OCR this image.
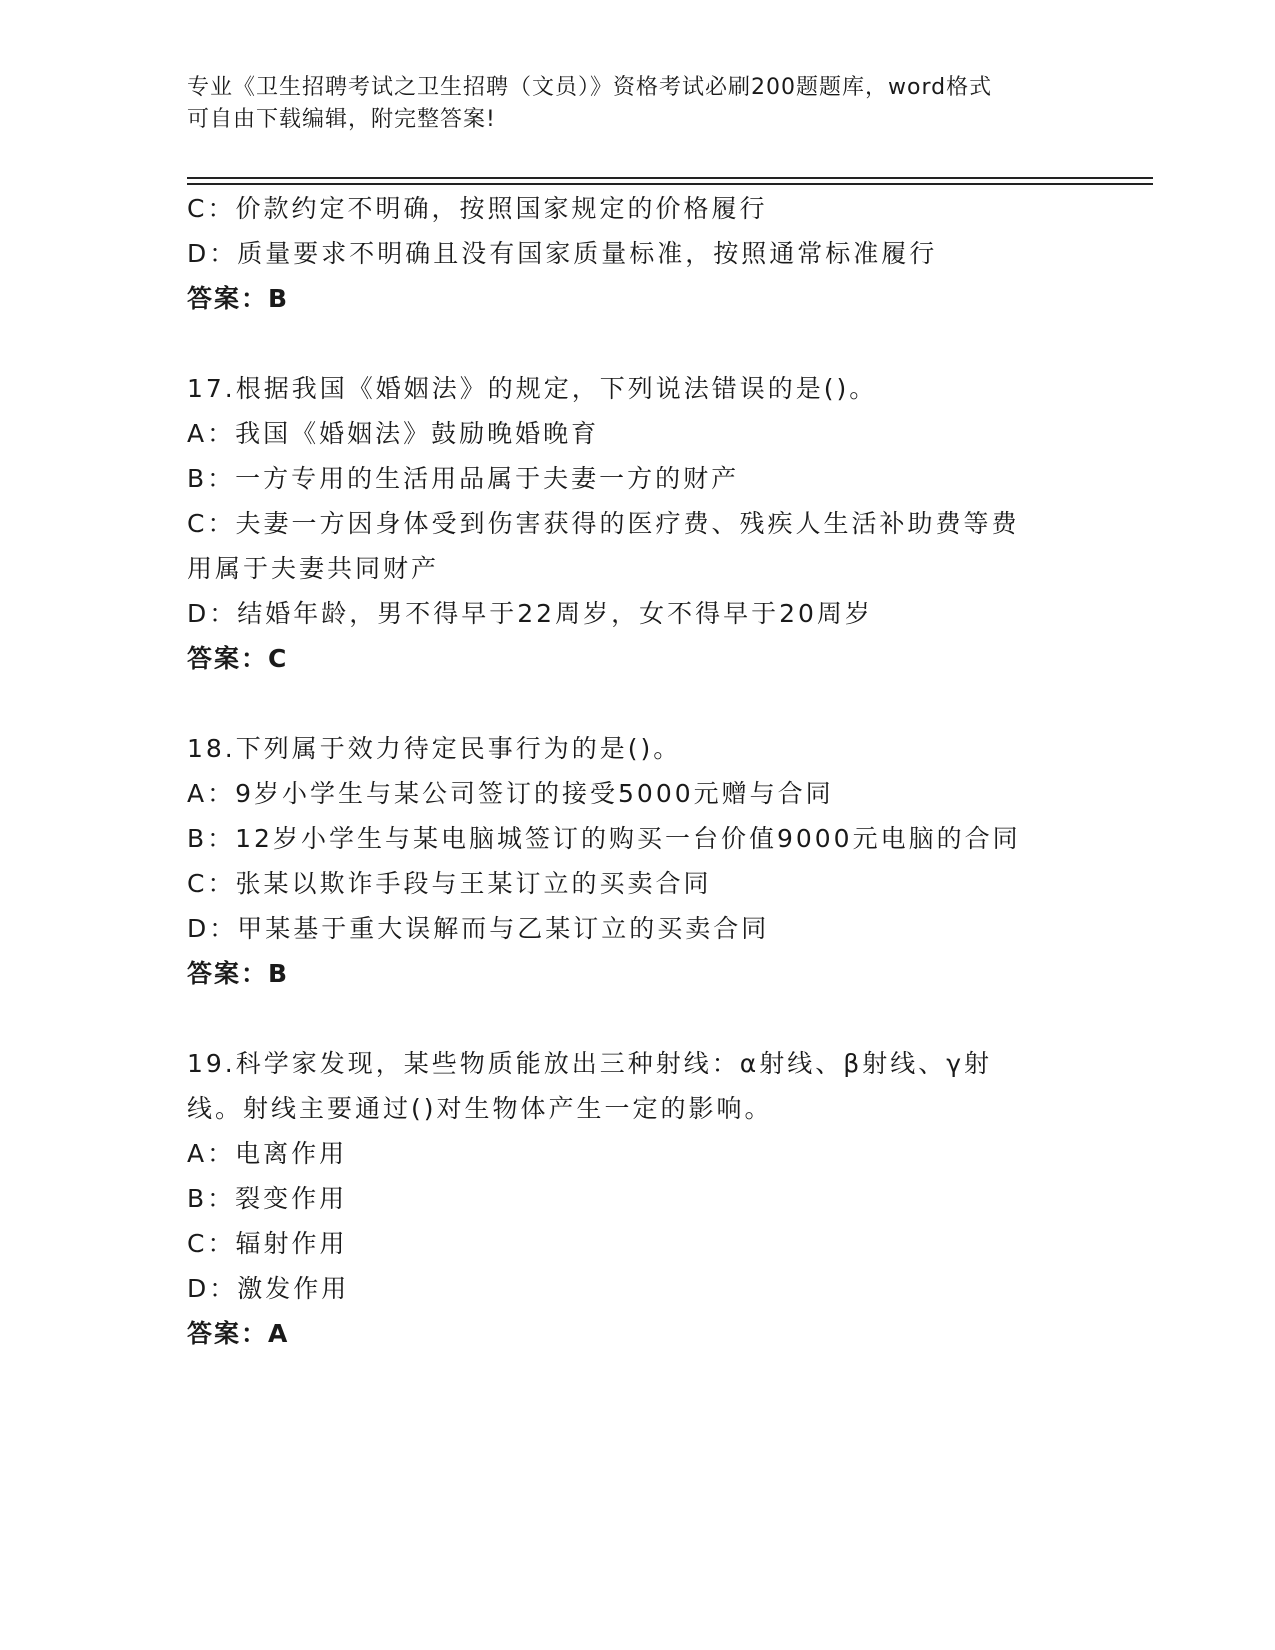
专业《卫生招聘考试之卫生招聘（文员）》资格考试必刷200题题库，word格式
可自由下载编辑，附完整答案!
C：价款约定不明确，按照国家规定的价格履行
D：质量要求不明确且没有国家质量标准，按照通常标准履行
答案：B
17.根据我国《婚姻法》的规定，下列说法错误的是()。
A：我国《婚姻法》鼓励晚婚晚育
B：一方专用的生活用品属于夫妻一方的财产
C：夫妻一方因身体受到伤害获得的医疗费、残疾人生活补助费等费用属于夫妻共同财产
D：结婚年龄，男不得早于22周岁，女不得早于20周岁
答案：C
18.下列属于效力待定民事行为的是()。
A：9岁小学生与某公司签订的接受5000元赠与合同
B：12岁小学生与某电脑城签订的购买一台价值9000元电脑的合同
C：张某以欺诈手段与王某订立的买卖合同
D：甲某基于重大误解而与乙某订立的买卖合同
答案：B
19.科学家发现，某些物质能放出三种射线：α射线、β射线、γ射线。射线主要通过()对生物体产生一定的影响。
A：电离作用
B：裂变作用
C：辐射作用
D：激发作用
答案：A
